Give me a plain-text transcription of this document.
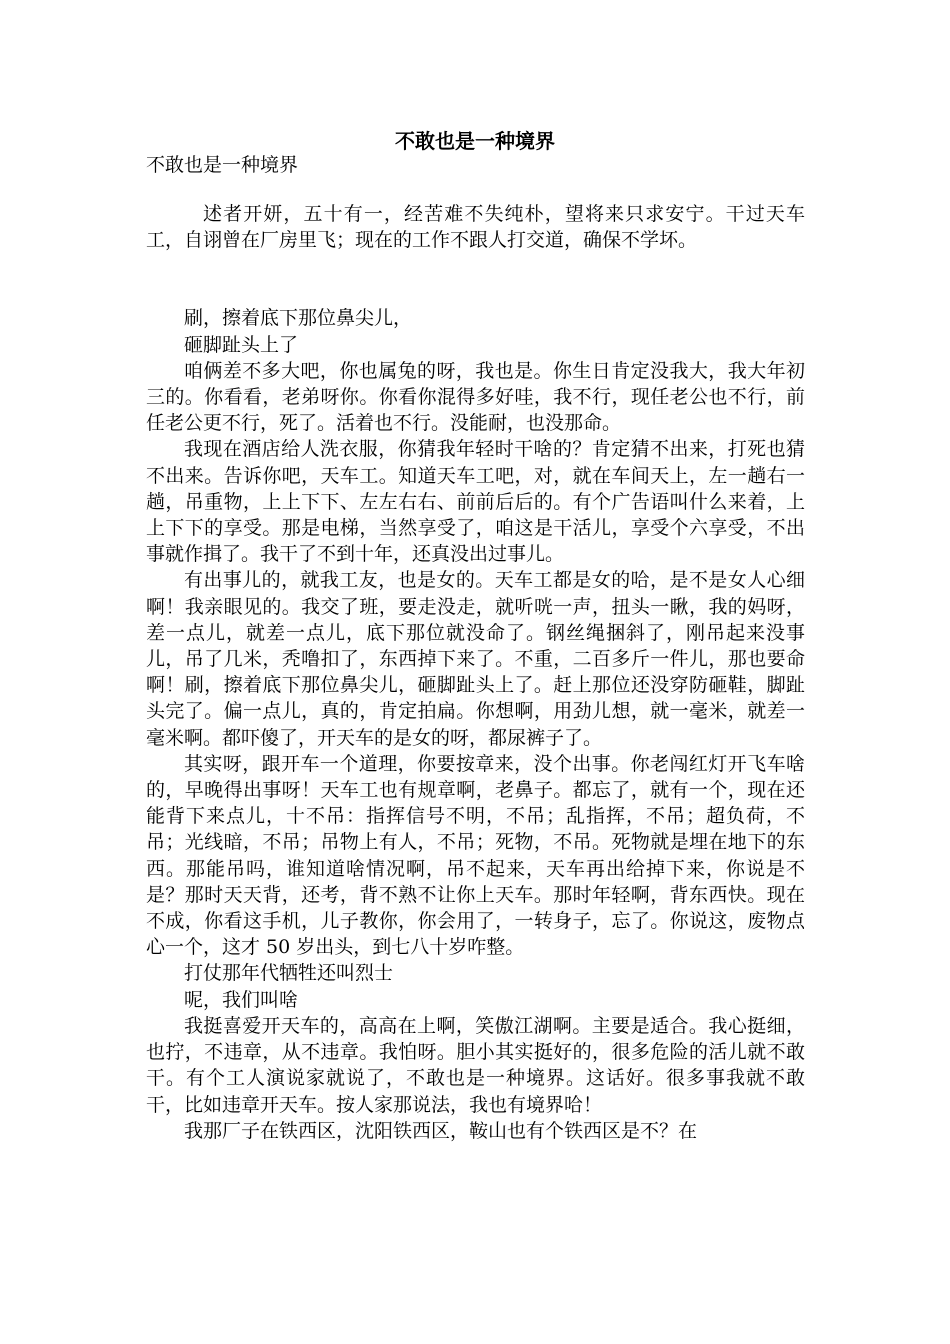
不敢也是一种境界
不敢也是一种境界

述者开妍，五十有一，经苦难不失纯朴，望将来只求安宁。干过天车工，自诩曾在厂房里飞；现在的工作不跟人打交道，确保不学坏。

刷，擦着底下那位鼻尖儿，

砸脚趾头上了

咱俩差不多大吧，你也属兔的呀，我也是。你生日肯定没我大，我大年初三的。你看看，老弟呀你。你看你混得多好哇，我不行，现任老公也不行，前任老公更不行，死了。活着也不行。没能耐，也没那命。

我现在酒店给人洗衣服，你猜我年轻时干啥的？肯定猜不出来，打死也猜不出来。告诉你吧，天车工。知道天车工吧，对，就在车间天上，左一趟右一趟，吊重物，上上下下、左左右右、前前后后的。有个广告语叫什么来着，上上下下的享受。那是电梯，当然享受了，咱这是干活儿，享受个六享受，不出事就作揖了。我干了不到十年，还真没出过事儿。

有出事儿的，就我工友，也是女的。天车工都是女的哈，是不是女人心细啊！我亲眼见的。我交了班，要走没走，就听咣一声，扭头一瞅，我的妈呀，差一点儿，就差一点儿，底下那位就没命了。钢丝绳捆斜了，刚吊起来没事儿，吊了几米，秃噜扣了，东西掉下来了。不重，二百多斤一件儿，那也要命啊！刷，擦着底下那位鼻尖儿，砸脚趾头上了。赶上那位还没穿防砸鞋，脚趾头完了。偏一点儿，真的，肯定拍扁。你想啊，用劲儿想，就一毫米，就差一毫米啊。都吓傻了，开天车的是女的呀，都尿裤子了。

其实呀，跟开车一个道理，你要按章来，没个出事。你老闯红灯开飞车啥的，早晚得出事呀！天车工也有规章啊，老鼻子。都忘了，就有一个，现在还能背下来点儿，十不吊：指挥信号不明，不吊；乱指挥，不吊；超负荷，不吊；光线暗，不吊；吊物上有人，不吊；死物，不吊。死物就是埋在地下的东西。那能吊吗，谁知道啥情况啊，吊不起来，天车再出给掉下来，你说是不是？那时天天背，还考，背不熟不让你上天车。那时年轻啊，背东西快。现在不成，你看这手机，儿子教你，你会用了，一转身子，忘了。你说这，废物点心一个，这才 50 岁出头，到七八十岁咋整。

打仗那年代牺牲还叫烈士

呢，我们叫啥

我挺喜爱开天车的，高高在上啊，笑傲江湖啊。主要是适合。我心挺细，也拧，不违章，从不违章。我怕呀。胆小其实挺好的，很多危险的活儿就不敢干。有个工人演说家就说了，不敢也是一种境界。这话好。很多事我就不敢干，比如违章开天车。按人家那说法，我也有境界哈！

我那厂子在铁西区，沈阳铁西区，鞍山也有个铁西区是不？在
